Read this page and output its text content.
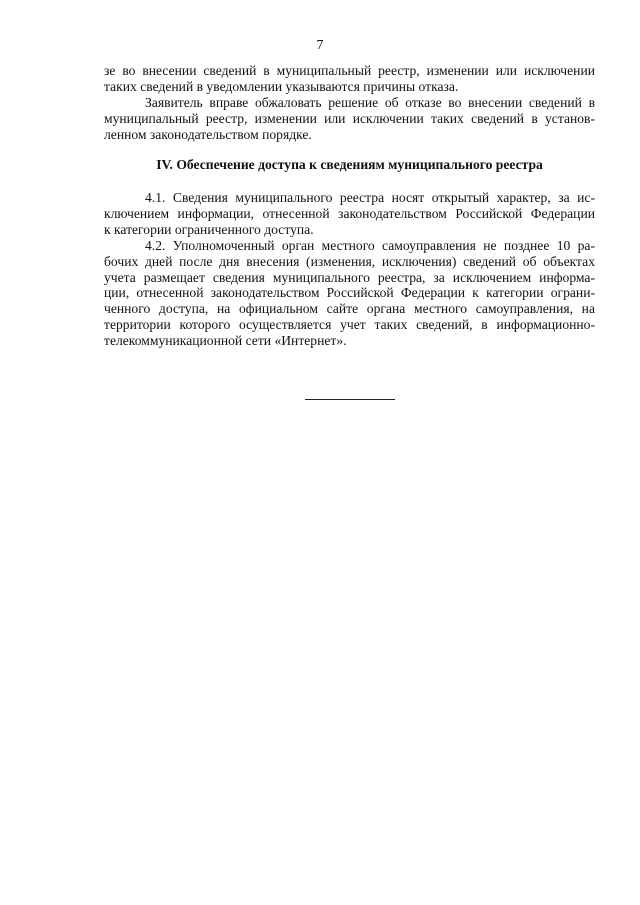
7
зе во внесении сведений в муниципальный реестр, изменении или исключении
таких сведений в уведомлении указываются причины отказа.
Заявитель вправе обжаловать решение об отказе во внесении сведений в
муниципальный реестр, изменении или исключении таких сведений в установ-
ленном законодательством порядке.
IV. Обеспечение доступа к сведениям муниципального реестра
4.1. Сведения муниципального реестра носят открытый характер, за ис-
ключением информации, отнесенной законодательством Российской Федерации
к категории ограниченного доступа.
4.2. Уполномоченный орган местного самоуправления не позднее 10 ра-
бочих дней после дня внесения (изменения, исключения) сведений об объектах
учета размещает сведения муниципального реестра, за исключением информа-
ции, отнесенной законодательством Российской Федерации к категории ограни-
ченного доступа, на официальном сайте органа местного самоуправления, на
территории которого осуществляется учет таких сведений, в информационно-
телекоммуникационной сети «Интернет».
